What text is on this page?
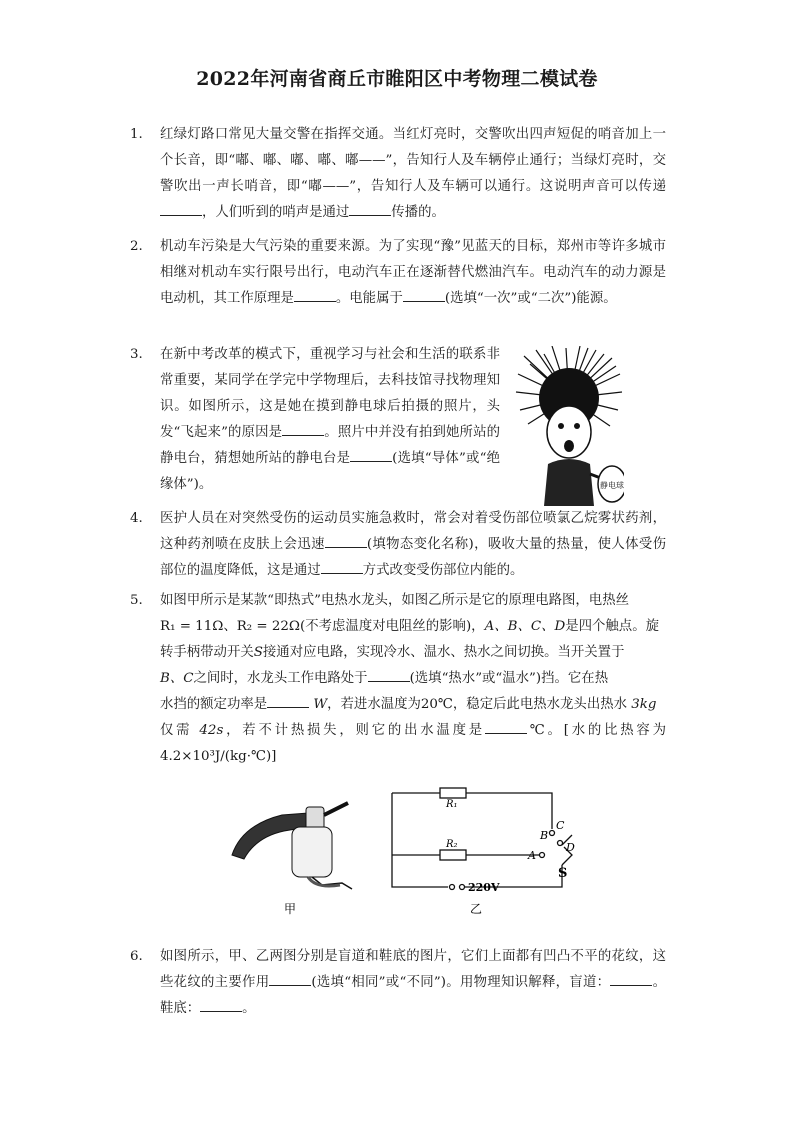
2022年河南省商丘市睢阳区中考物理二模试卷
1.	红绿灯路口常见大量交警在指挥交通。当红灯亮时，交警吹出四声短促的哨音加上一个长音，即“嘟、嘟、嘟、嘟、嘟——”，告知行人及车辆停止通行；当绿灯亮时，交警吹出一声长哨音，即“嘟——”，告知行人及车辆可以通行。这说明声音可以传递，人们听到的哨声是通过	传播的。
2.	机动车污染是大气污染的重要来源。为了实现“豫”见蓝天的目标，郑州市等许多城市相继对机动车实行限号出行，电动汽车正在逐渐替代燃油汽车。电动汽车的动力源是电动机，其工作原理是	。电能属于	(选填“一次”或“二次”)能源。
3.	在新中考改革的模式下，重视学习与社会和生活的联系非常重要，某同学在学完中学物理后，去科技馆寻找物理知识。如图所示，这是她在摸到静电球后拍摄的照片，头发“飞起来”的原因是	。照片中并没有拍到她所站的静电台，猜想她所站的静电台是	(选填“导体”或“绝缘体”)。	静电球
4.	医护人员在对突然受伤的运动员实施急救时，常会对着受伤部位喷氯乙烷雾状药剂，这种药剂喷在皮肤上会迅速	(填物态变化名称)，吸收大量的热量，使人体受伤部位的温度降低，这是通过	方式改变受伤部位内能的。
5.	如图甲所示是某款“即热式”电热水龙头，如图乙所示是它的原理电路图，电热丝
R₁ = 11Ω、R₂ = 22Ω(不考虑温度对电阻丝的影响)，A、B、C、D是四个触点。旋
转手柄带动开关S接通对应电路，实现冷水、温水、热水之间切换。当开关置于
B、C之间时，水龙头工作电路处于	(选填“热水”或“温水”)挡。它在热
水挡的额定功率是	W，若进水温度为20℃，稳定后此电热水龙头出热水 3kg
仅需 42s，若不计热损失，则它的出水温度是	℃。[水的比热容为4.2×10³J/(kg·℃)]
甲
R₁
R₂
A
B
C
D
S
220V
乙
6.	如图所示，甲、乙两图分别是盲道和鞋底的图片，它们上面都有凹凸不平的花纹，这些花纹的主要作用	(选填“相同”或“不同”)。用物理知识解释，盲道：	。鞋底：	。
